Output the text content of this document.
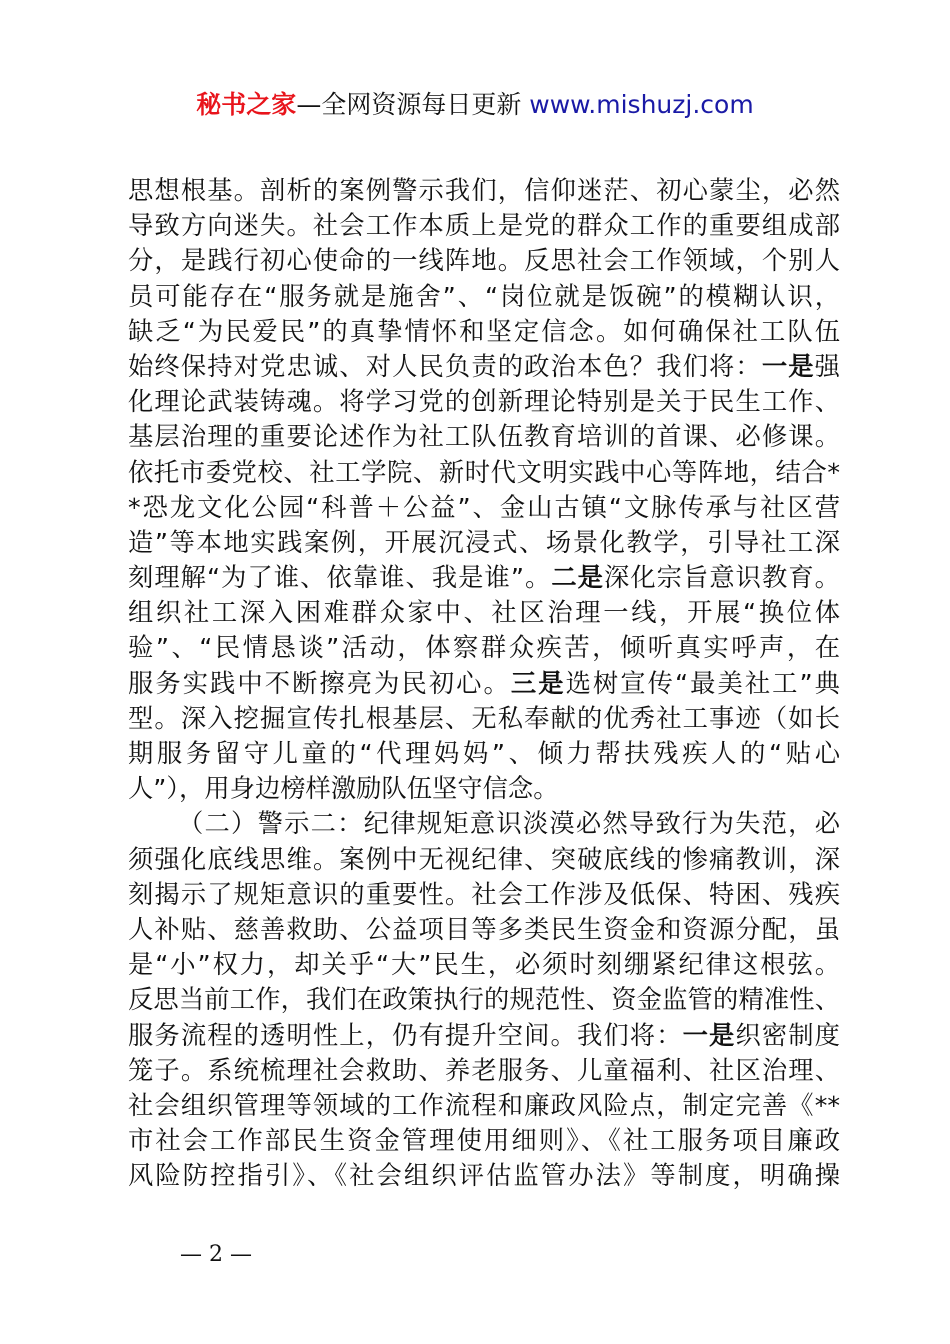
秘书之家—全网资源每日更新 www.mishuzj.com
思想根基。剖析的案例警示我们，信仰迷茫、初心蒙尘，必然
导致方向迷失。社会工作本质上是党的群众工作的重要组成部
分，是践行初心使命的一线阵地。反思社会工作领域，个别人
员可能存在“服务就是施舍”、“岗位就是饭碗”的模糊认识，
缺乏“为民爱民”的真挚情怀和坚定信念。如何确保社工队伍
始终保持对党忠诚、对人民负责的政治本色？我们将：一是强
化理论武装铸魂。将学习党的创新理论特别是关于民生工作、
基层治理的重要论述作为社工队伍教育培训的首课、必修课。
依托市委党校、社工学院、新时代文明实践中心等阵地，结合*
*恐龙文化公园“科普＋公益”、金山古镇“文脉传承与社区营
造”等本地实践案例，开展沉浸式、场景化教学，引导社工深
刻理解“为了谁、依靠谁、我是谁”。二是深化宗旨意识教育。
组织社工深入困难群众家中、社区治理一线，开展“换位体
验”、“民情恳谈”活动，体察群众疾苦，倾听真实呼声，在
服务实践中不断擦亮为民初心。三是选树宣传“最美社工”典
型。深入挖掘宣传扎根基层、无私奉献的优秀社工事迹（如长
期服务留守儿童的“代理妈妈”、倾力帮扶残疾人的“贴心
人”），用身边榜样激励队伍坚守信念。
（二）警示二：纪律规矩意识淡漠必然导致行为失范，必
须强化底线思维。案例中无视纪律、突破底线的惨痛教训，深
刻揭示了规矩意识的重要性。社会工作涉及低保、特困、残疾
人补贴、慈善救助、公益项目等多类民生资金和资源分配，虽
是“小”权力，却关乎“大”民生，必须时刻绷紧纪律这根弦。
反思当前工作，我们在政策执行的规范性、资金监管的精准性、
服务流程的透明性上，仍有提升空间。我们将：一是织密制度
笼子。系统梳理社会救助、养老服务、儿童福利、社区治理、
社会组织管理等领域的工作流程和廉政风险点，制定完善《**
市社会工作部民生资金管理使用细则》、《社工服务项目廉政
风险防控指引》、《社会组织评估监管办法》等制度，明确操
— 2 —
